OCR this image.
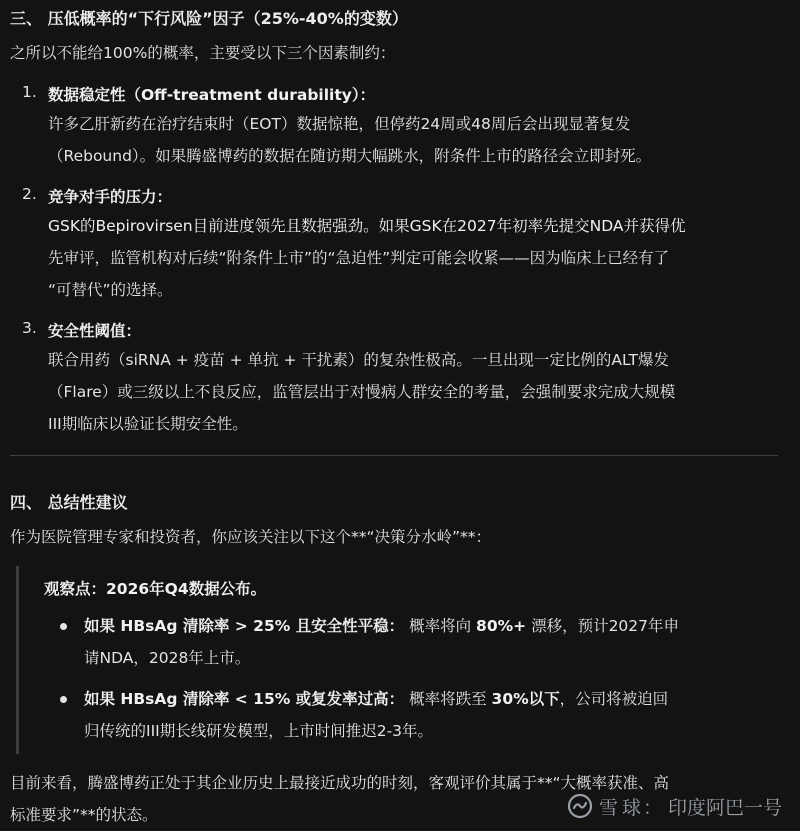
三、 压低概率的“下行风险”因子（25%-40%的变数）
之所以不能给100%的概率，主要受以下三个因素制约：
1. 数据稳定性（Off-treatment durability）：
许多乙肝新药在治疗结束时（EOT）数据惊艳，但停药24周或48周后会出现显著复发
（Rebound）。如果腾盛博药的数据在随访期大幅跳水，附条件上市的路径会立即封死。
2. 竞争对手的压力：
GSK的Bepirovirsen目前进度领先且数据强劲。如果GSK在2027年初率先提交NDA并获得优
先审评，监管机构对后续“附条件上市”的“急迫性”判定可能会收紧——因为临床上已经有了
“可替代”的选择。
3. 安全性阈值：
联合用药（siRNA + 疫苗 + 单抗 + 干扰素）的复杂性极高。一旦出现一定比例的ALT爆发
（Flare）或三级以上不良反应，监管层出于对慢病人群安全的考量，会强制要求完成大规模
III期临床以验证长期安全性。
四、 总结性建议
作为医院管理专家和投资者，你应该关注以下这个**“决策分水岭”**：
观察点：2026年Q4数据公布。
如果 HBsAg 清除率 > 25% 且安全性平稳： 概率将向 80%+ 漂移，预计2027年申
请NDA，2028年上市。
如果 HBsAg 清除率 < 15% 或复发率过高： 概率将跌至 30%以下，公司将被迫回
归传统的III期长线研发模型，上市时间推迟2-3年。
目前来看，腾盛博药正处于其企业历史上最接近成功的时刻，客观评价其属于**“大概率获准、高
标准要求”**的状态。	雪球
： 印度阿巴一号
